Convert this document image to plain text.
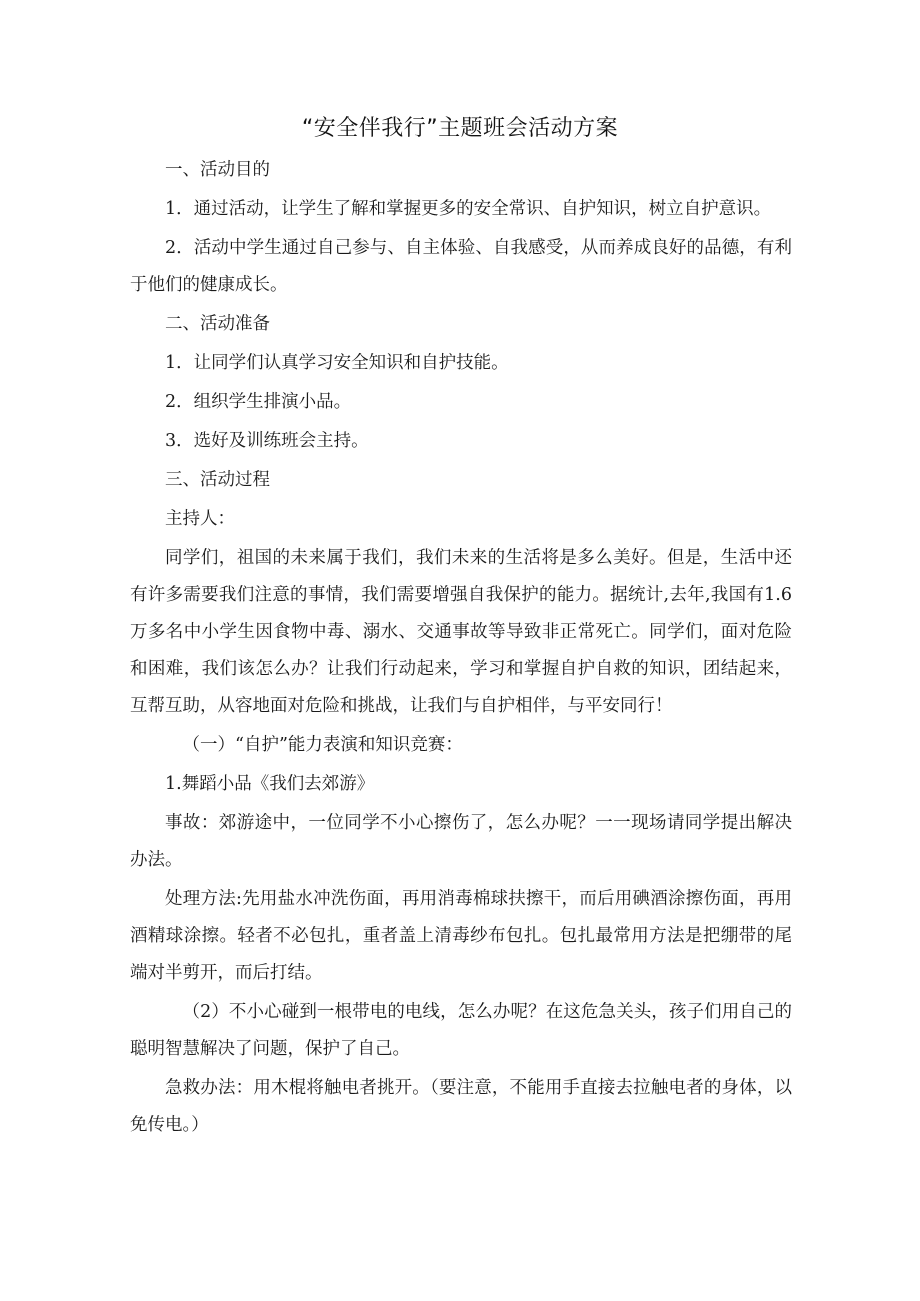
“安全伴我行”主题班会活动方案

一、活动目的

1．通过活动，让学生了解和掌握更多的安全常识、自护知识，树立自护意识。

2．活动中学生通过自己参与、自主体验、自我感受，从而养成良好的品德，有利于他们的健康成长。

二、活动准备

1．让同学们认真学习安全知识和自护技能。

2．组织学生排演小品。

3．选好及训练班会主持。

三、活动过程

主持人：

同学们，祖国的未来属于我们，我们未来的生活将是多么美好。但是，生活中还有许多需要我们注意的事情，我们需要增强自我保护的能力。据统计,去年,我国有1.6万多名中小学生因食物中毒、溺水、交通事故等导致非正常死亡。同学们，面对危险和困难，我们该怎么办？让我们行动起来，学习和掌握自护自救的知识，团结起来，互帮互助，从容地面对危险和挑战，让我们与自护相伴，与平安同行！

（一）“自护”能力表演和知识竞赛：

1.舞蹈小品《我们去郊游》

事故：郊游途中，一位同学不小心擦伤了，怎么办呢？一一现场请同学提出解决办法。

处理方法:先用盐水冲洗伤面，再用消毒棉球扶擦干，而后用碘酒涂擦伤面，再用酒精球涂擦。轻者不必包扎，重者盖上清毒纱布包扎。包扎最常用方法是把绷带的尾端对半剪开，而后打结。

（2）不小心碰到一根带电的电线，怎么办呢？在这危急关头，孩子们用自己的聪明智慧解决了问题，保护了自己。

急救办法：用木棍将触电者挑开。（要注意，不能用手直接去拉触电者的身体，以免传电。）
